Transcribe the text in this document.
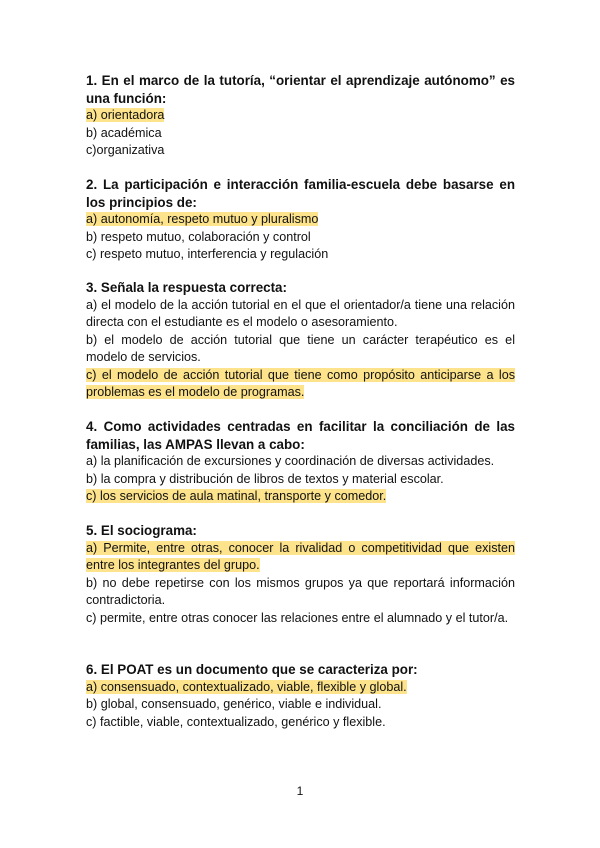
1. En el marco de la tutoría, “orientar el aprendizaje autónomo” es una función:
a) orientadora
b) académica
c)organizativa
2. La participación e interacción familia-escuela debe basarse en los principios de:
a) autonomía, respeto mutuo y pluralismo
b) respeto mutuo, colaboración y control
c) respeto mutuo, interferencia y regulación
3. Señala la respuesta correcta:
a) el modelo de la acción tutorial en el que el orientador/a tiene una relación directa con el estudiante es el modelo o asesoramiento.
b) el modelo de acción tutorial que tiene un carácter terapéutico es el modelo de servicios.
c) el modelo de acción tutorial que tiene como propósito anticiparse a los problemas es el modelo de programas.
4. Como actividades centradas en facilitar la conciliación de las familias, las AMPAS llevan a cabo:
a) la planificación de excursiones y coordinación de diversas actividades.
b) la compra y distribución de libros de textos y material escolar.
c) los servicios de aula matinal, transporte y comedor.
5. El sociograma:
a) Permite, entre otras, conocer la rivalidad o competitividad que existen entre los integrantes del grupo.
b) no debe repetirse con los mismos grupos ya que reportará información contradictoria.
c) permite, entre otras conocer las relaciones entre el alumnado y el tutor/a.
6. El POAT es un documento que se caracteriza por:
a) consensuado, contextualizado, viable, flexible y global.
b) global, consensuado, genérico, viable e individual.
c) factible, viable, contextualizado, genérico y flexible.
1
